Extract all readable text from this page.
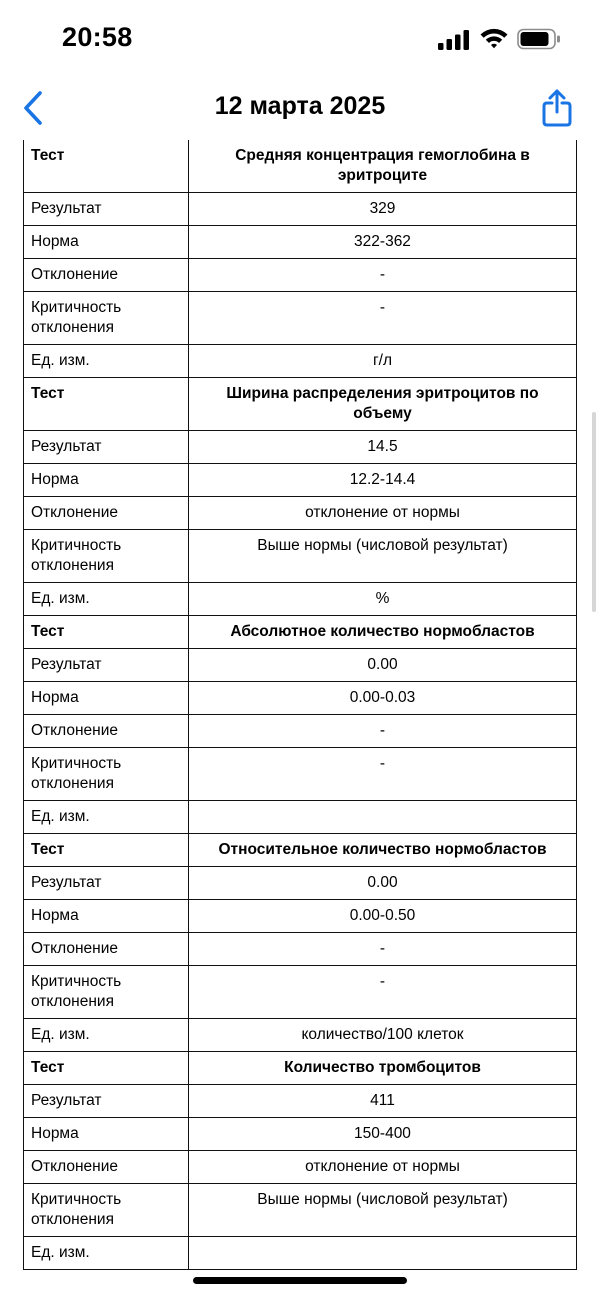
20:58
12 марта 2025
Тест	Средняя концентрация гемоглобина в эритроците
Результат	329
Норма	322-362
Отклонение	-
Критичность отклонения	-
Ед. изм.	г/л
Тест	Ширина распределения эритроцитов по объему
Результат	14.5
Норма	12.2-14.4
Отклонение	отклонение от нормы
Критичность отклонения	Выше нормы (числовой результат)
Ед. изм.	%
Тест	Абсолютное количество нормобластов
Результат	0.00
Норма	0.00-0.03
Отклонение	-
Критичность отклонения	-
Ед. изм.	
Тест	Относительное количество нормобластов
Результат	0.00
Норма	0.00-0.50
Отклонение	-
Критичность отклонения	-
Ед. изм.	количество/100 клеток
Тест	Количество тромбоцитов
Результат	411
Норма	150-400
Отклонение	отклонение от нормы
Критичность отклонения	Выше нормы (числовой результат)
Ед. изм.	
